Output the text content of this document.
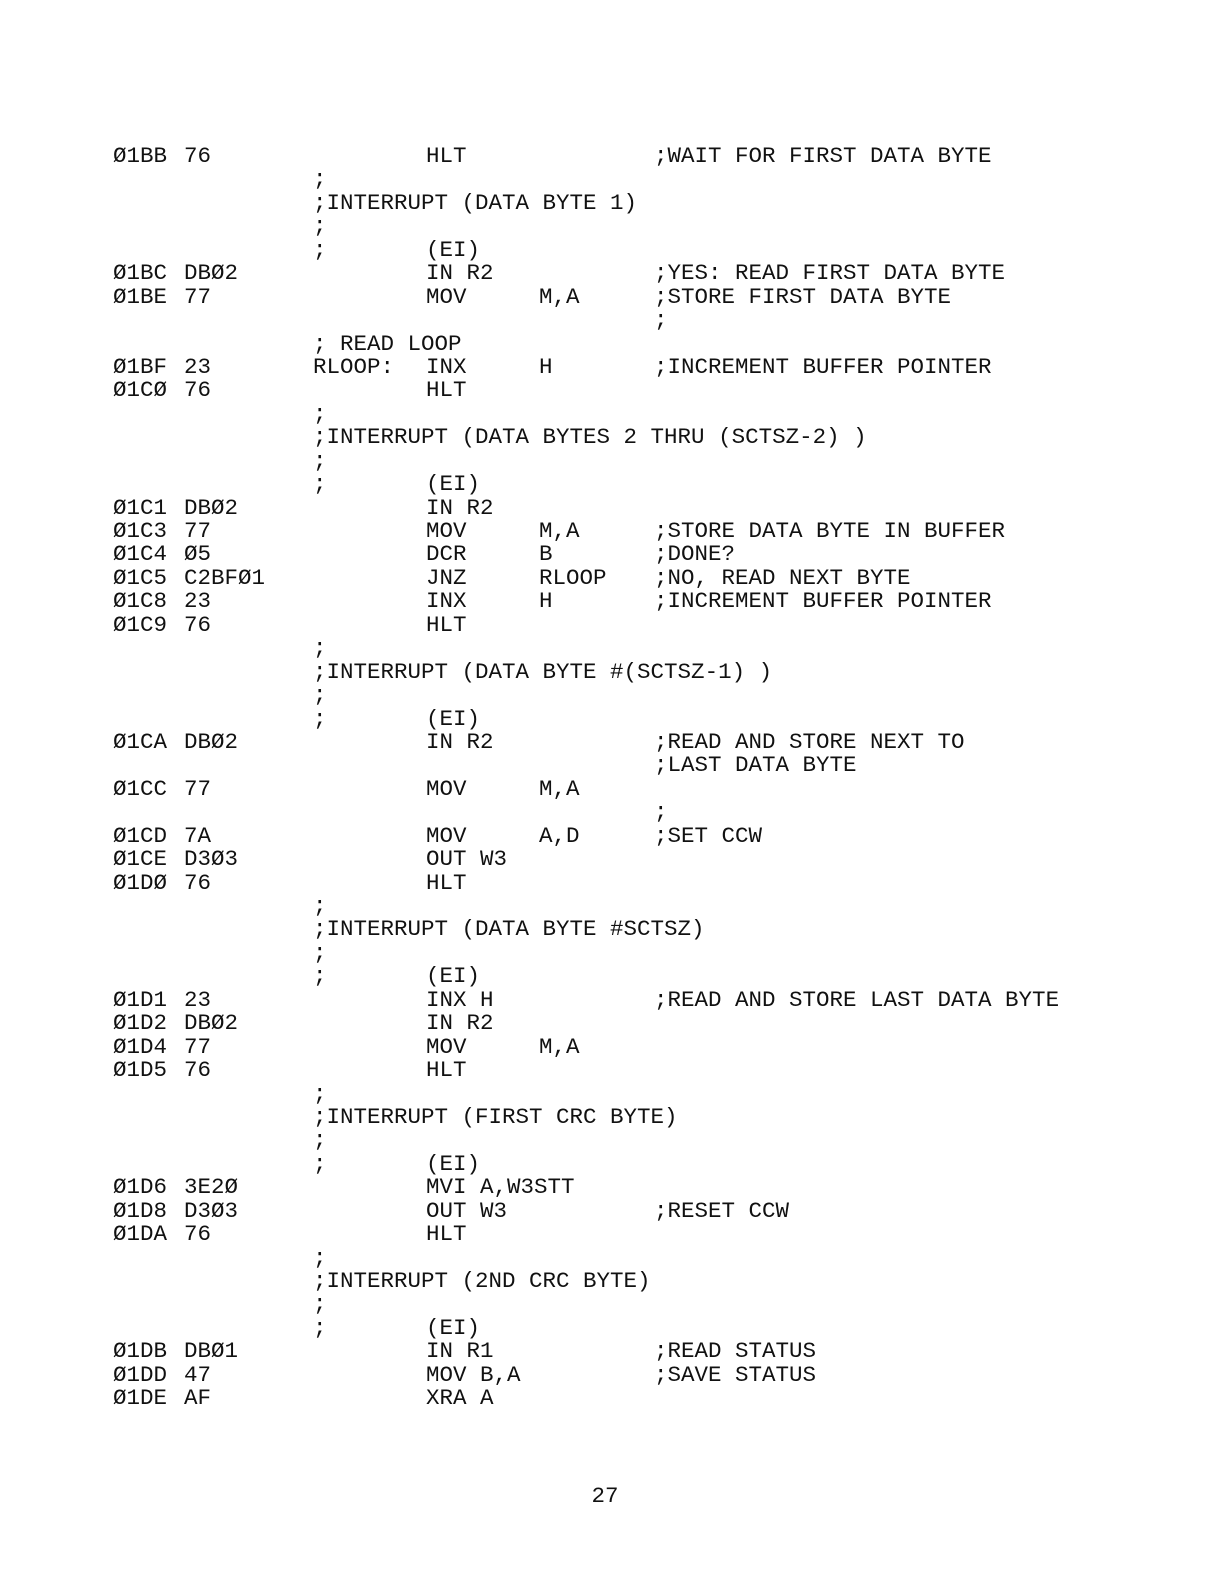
Ø1BB 76	HLT	;WAIT FOR FIRST DATA BYTE
;
;INTERRUPT (DATA BYTE 1)
;
;	(EI)
Ø1BC DBØ2	IN R2	;YES: READ FIRST DATA BYTE
Ø1BE 77	MOV	M,A	;STORE FIRST DATA BYTE
;
; READ LOOP
Ø1BF 23	RLOOP: INX	H	;INCREMENT BUFFER POINTER
Ø1CØ 76	HLT
;
;INTERRUPT (DATA BYTES 2 THRU (SCTSZ-2) )
;
;	(EI)
Ø1C1 DBØ2	IN R2
Ø1C3 77	MOV	M,A	;STORE DATA BYTE IN BUFFER
Ø1C4 Ø5	DCR	B	;DONE?
Ø1C5 C2BFØ1	JNZ	RLOOP ;NO, READ NEXT BYTE
Ø1C8 23	INX	H	;INCREMENT BUFFER POINTER
Ø1C9 76	HLT
;
;INTERRUPT (DATA BYTE #(SCTSZ-1) )
;
;	(EI)
Ø1CA DBØ2	IN R2	;READ AND STORE NEXT TO
;LAST DATA BYTE
Ø1CC 77	MOV	M,A
;
Ø1CD 7A	MOV	A,D	;SET CCW
Ø1CE D3Ø3	OUT W3
Ø1DØ 76	HLT
;
;INTERRUPT (DATA BYTE #SCTSZ)
;
;	(EI)
Ø1D1 23	INX H	;READ AND STORE LAST DATA BYTE
Ø1D2 DBØ2	IN R2
Ø1D4 77	MOV	M,A
Ø1D5 76	HLT
;
;INTERRUPT (FIRST CRC BYTE)
;
;	(EI)
Ø1D6 3E2Ø	MVI A,W3STT
Ø1D8 D3Ø3	OUT W3	;RESET CCW
Ø1DA 76	HLT
;
;INTERRUPT (2ND CRC BYTE)
;
;	(EI)
Ø1DB DBØ1	IN R1	;READ STATUS
Ø1DD 47	MOV B,A	;SAVE STATUS
Ø1DE AF	XRA A
27
